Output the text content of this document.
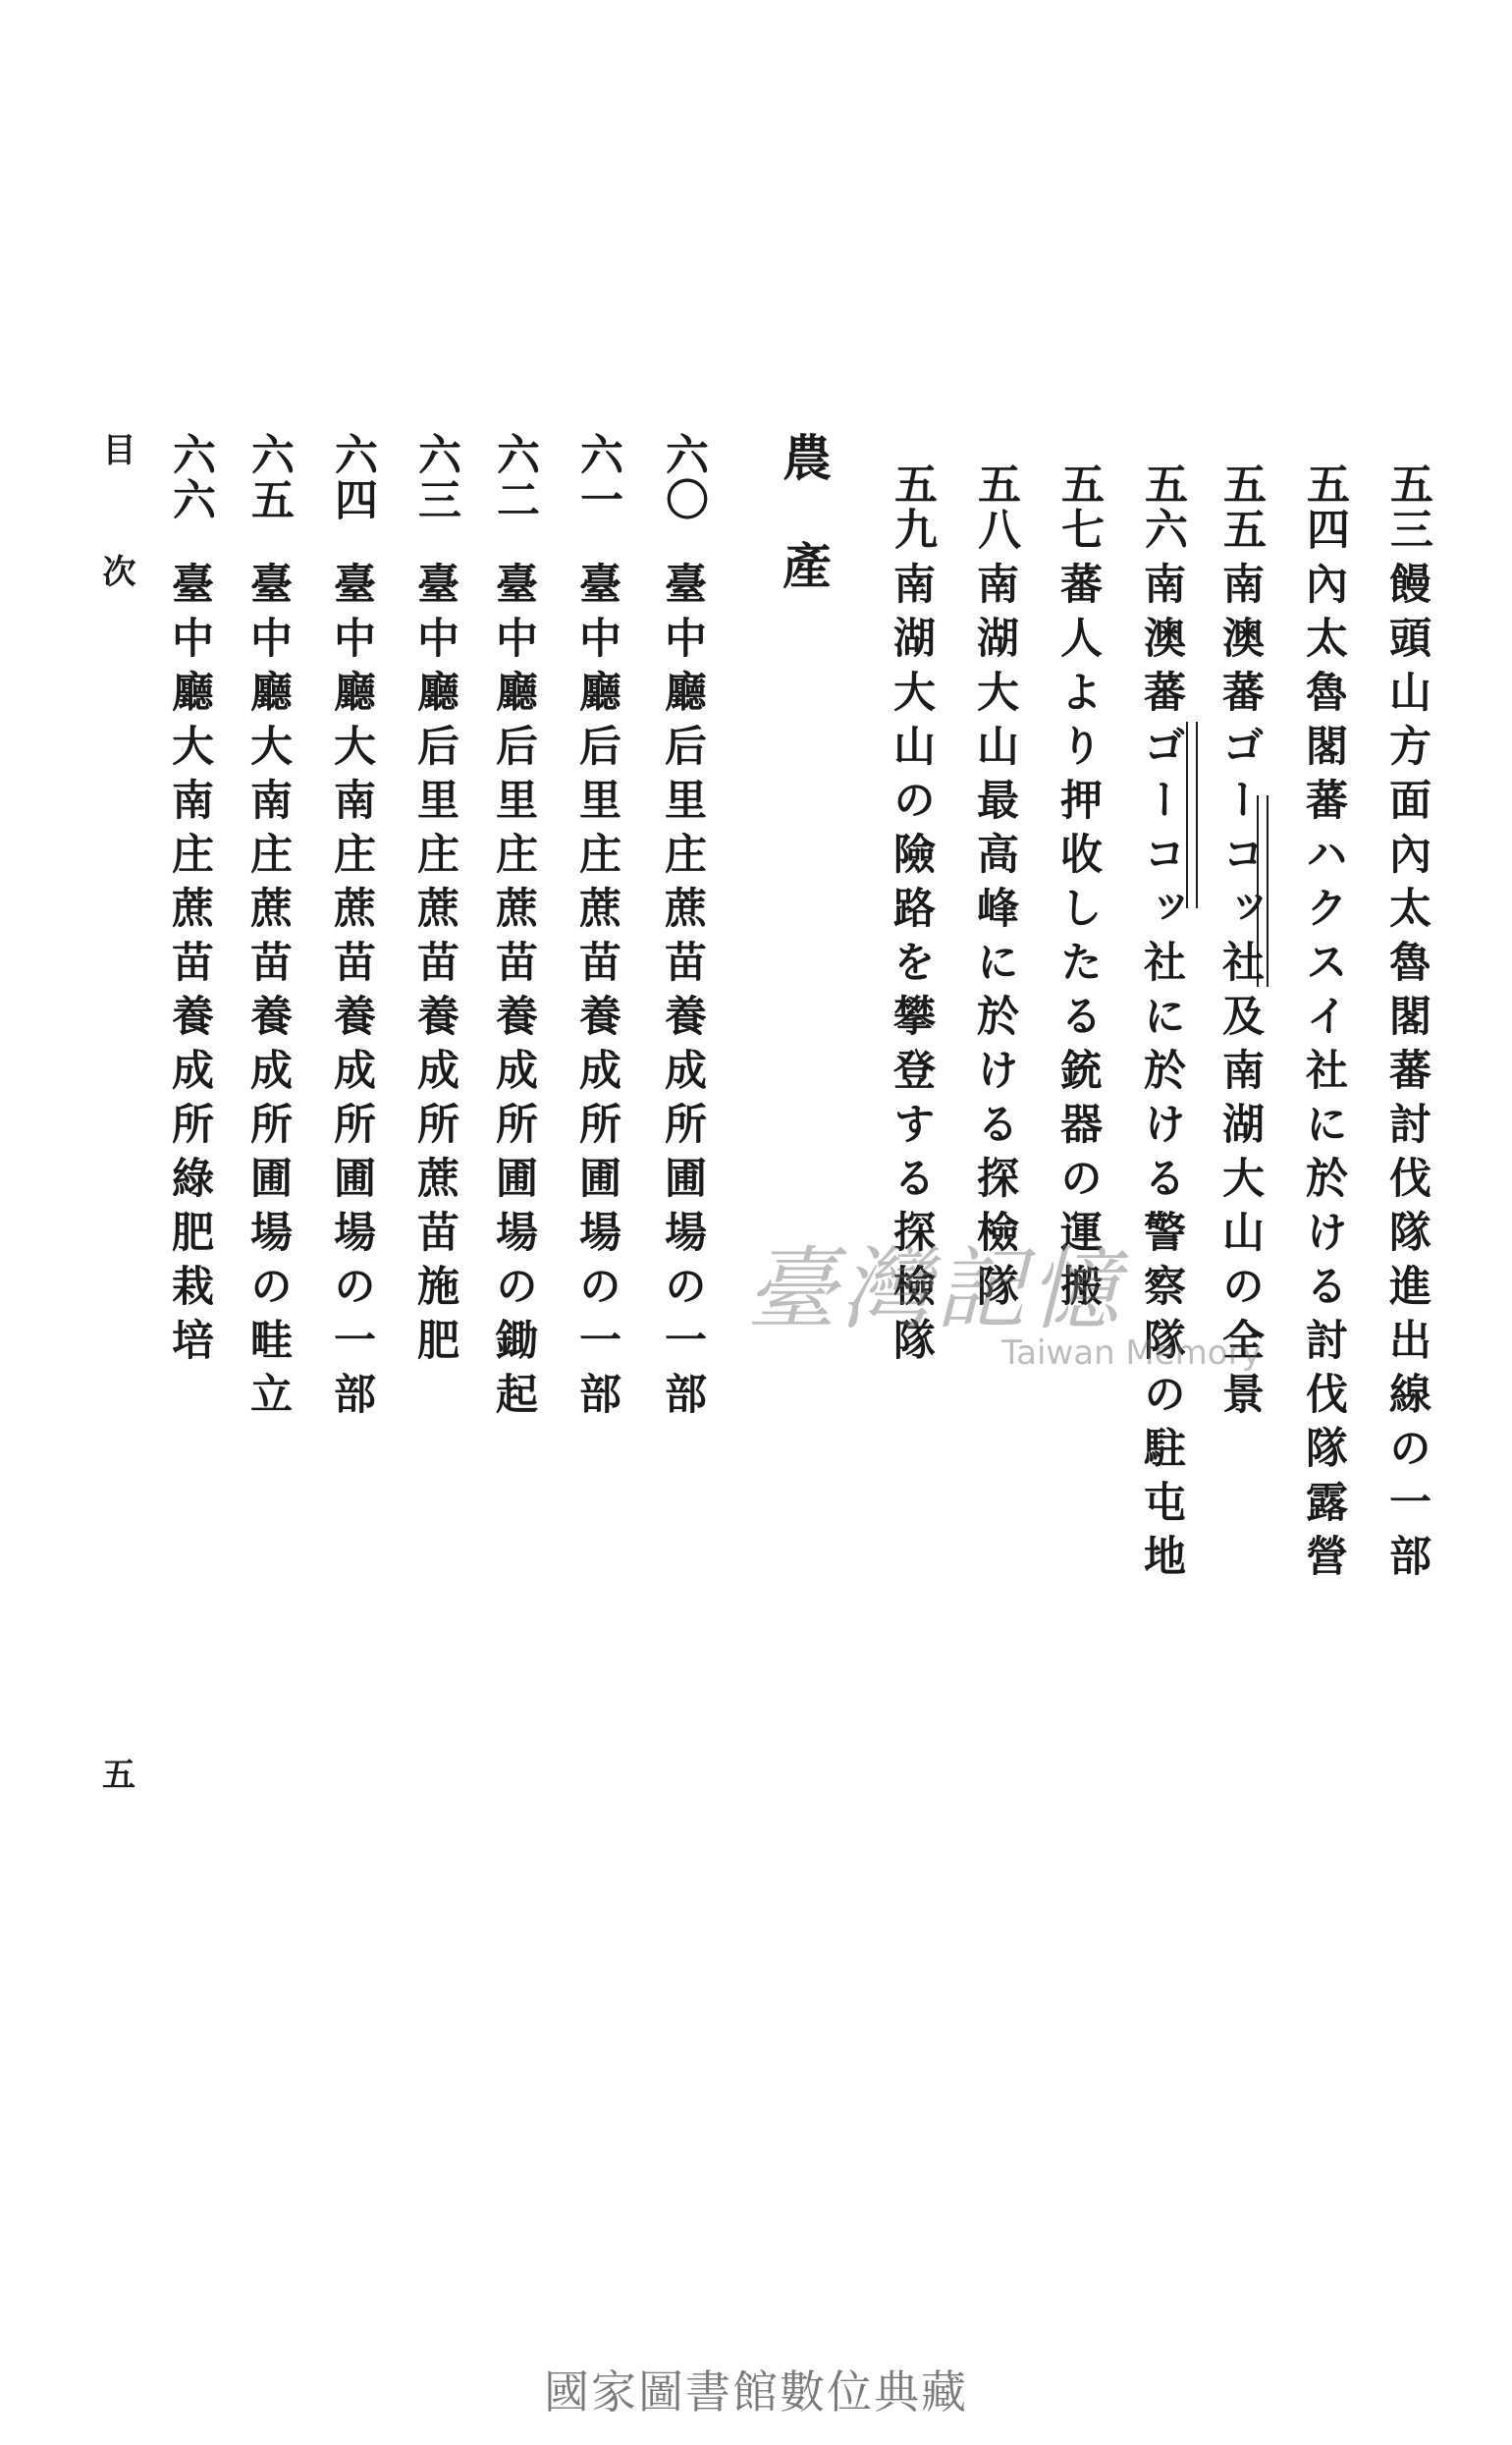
五三
饅頭山方面內太魯閣蕃討伐隊進出線の一部
五四
內太魯閣蕃ハクスイ社に於ける討伐隊露營
五五
南澳蕃ゴーコッ社及南湖大山の全景
五六
南澳蕃ゴーコッ社に於ける警察隊の駐屯地
五七
蕃人より押收したる銃器の運搬
五八
南湖大山最高峰に於ける探檢隊
五九
南湖大山の險路を攀登する探檢隊
農產
六〇
臺中廳后里庄蔗苗養成所圃場の一部
六一
臺中廳后里庄蔗苗養成所圃場の一部
六二
臺中廳后里庄蔗苗養成所圃場の鋤起
六三
臺中廳后里庄蔗苗養成所蔗苗施肥
六四
臺中廳大南庄蔗苗養成所圃場の一部
六五
臺中廳大南庄蔗苗養成所圃場の畦立
六六
臺中廳大南庄蔗苗養成所綠肥栽培
目次
五
臺灣記憶
Taiwan Memory
國家圖書館數位典藏
